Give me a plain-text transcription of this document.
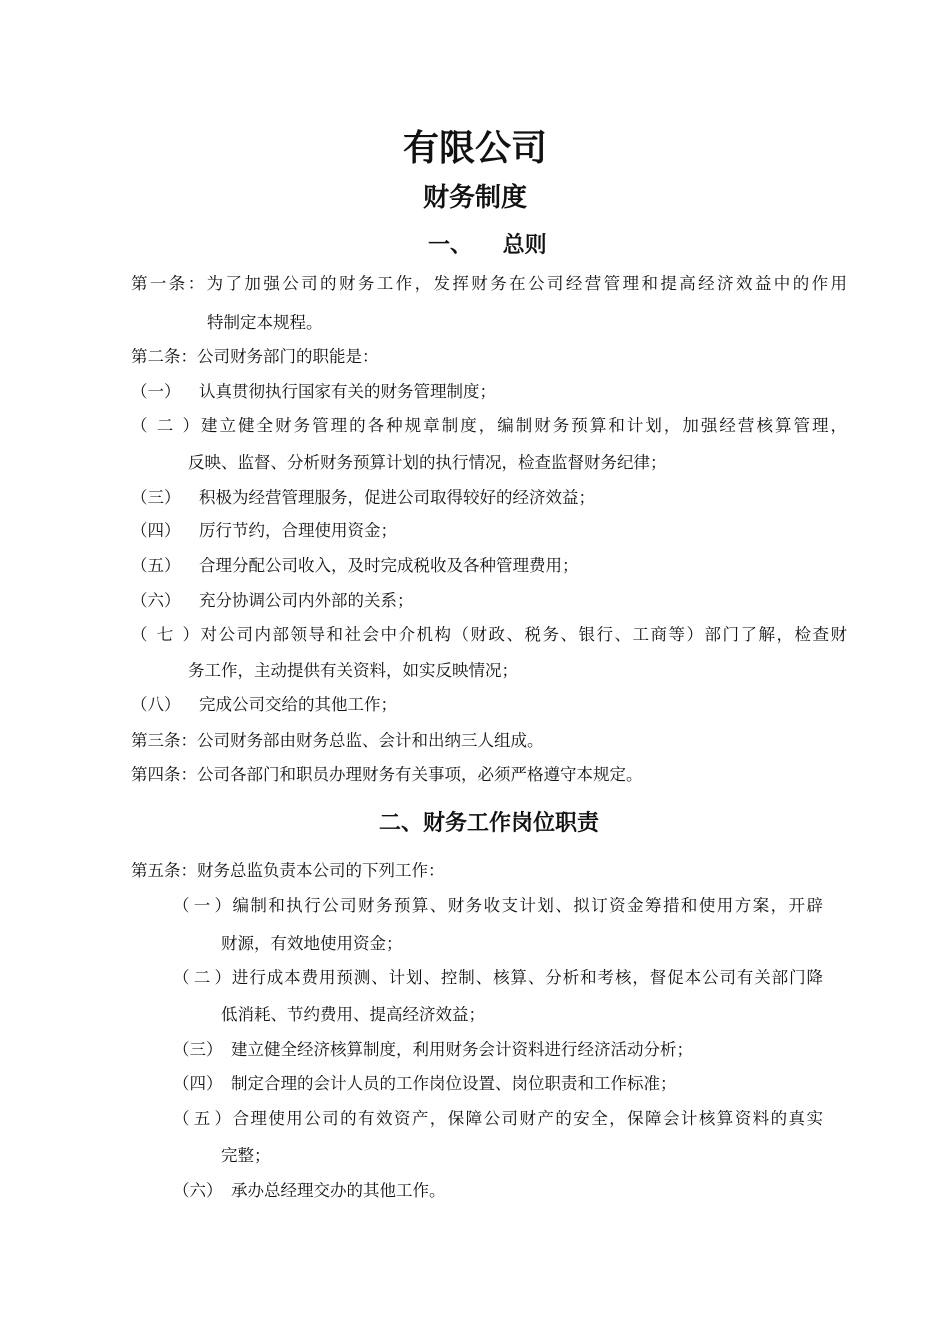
有限公司
财务制度
一、    总则

第一条：为了加强公司的财务工作，发挥财务在公司经营管理和提高经济效益中的作用

特制定本规程。

第二条：公司财务部门的职能是：

（一） 认真贯彻执行国家有关的财务管理制度；

（二）建立健全财务管理的各种规章制度，编制财务预算和计划，加强经营核算管理，

反映、监督、分析财务预算计划的执行情况，检查监督财务纪律；

（三） 积极为经营管理服务，促进公司取得较好的经济效益；

（四） 厉行节约，合理使用资金；

（五） 合理分配公司收入，及时完成税收及各种管理费用；

（六） 充分协调公司内外部的关系；

（七）对公司内部领导和社会中介机构（财政、税务、银行、工商等）部门了解，检查财

务工作，主动提供有关资料，如实反映情况；

（八） 完成公司交给的其他工作；

第三条：公司财务部由财务总监、会计和出纳三人组成。

第四条：公司各部门和职员办理财务有关事项，必须严格遵守本规定。

二、财务工作岗位职责

第五条：财务总监负责本公司的下列工作：

（一）编制和执行公司财务预算、财务收支计划、拟订资金筹措和使用方案，开辟

财源，有效地使用资金；

（二）进行成本费用预测、计划、控制、核算、分析和考核，督促本公司有关部门降

低消耗、节约费用、提高经济效益；

（三） 建立健全经济核算制度，利用财务会计资料进行经济活动分析；

（四） 制定合理的会计人员的工作岗位设置、岗位职责和工作标准；

（五）合理使用公司的有效资产，保障公司财产的安全，保障会计核算资料的真实

完整；

（六） 承办总经理交办的其他工作。
